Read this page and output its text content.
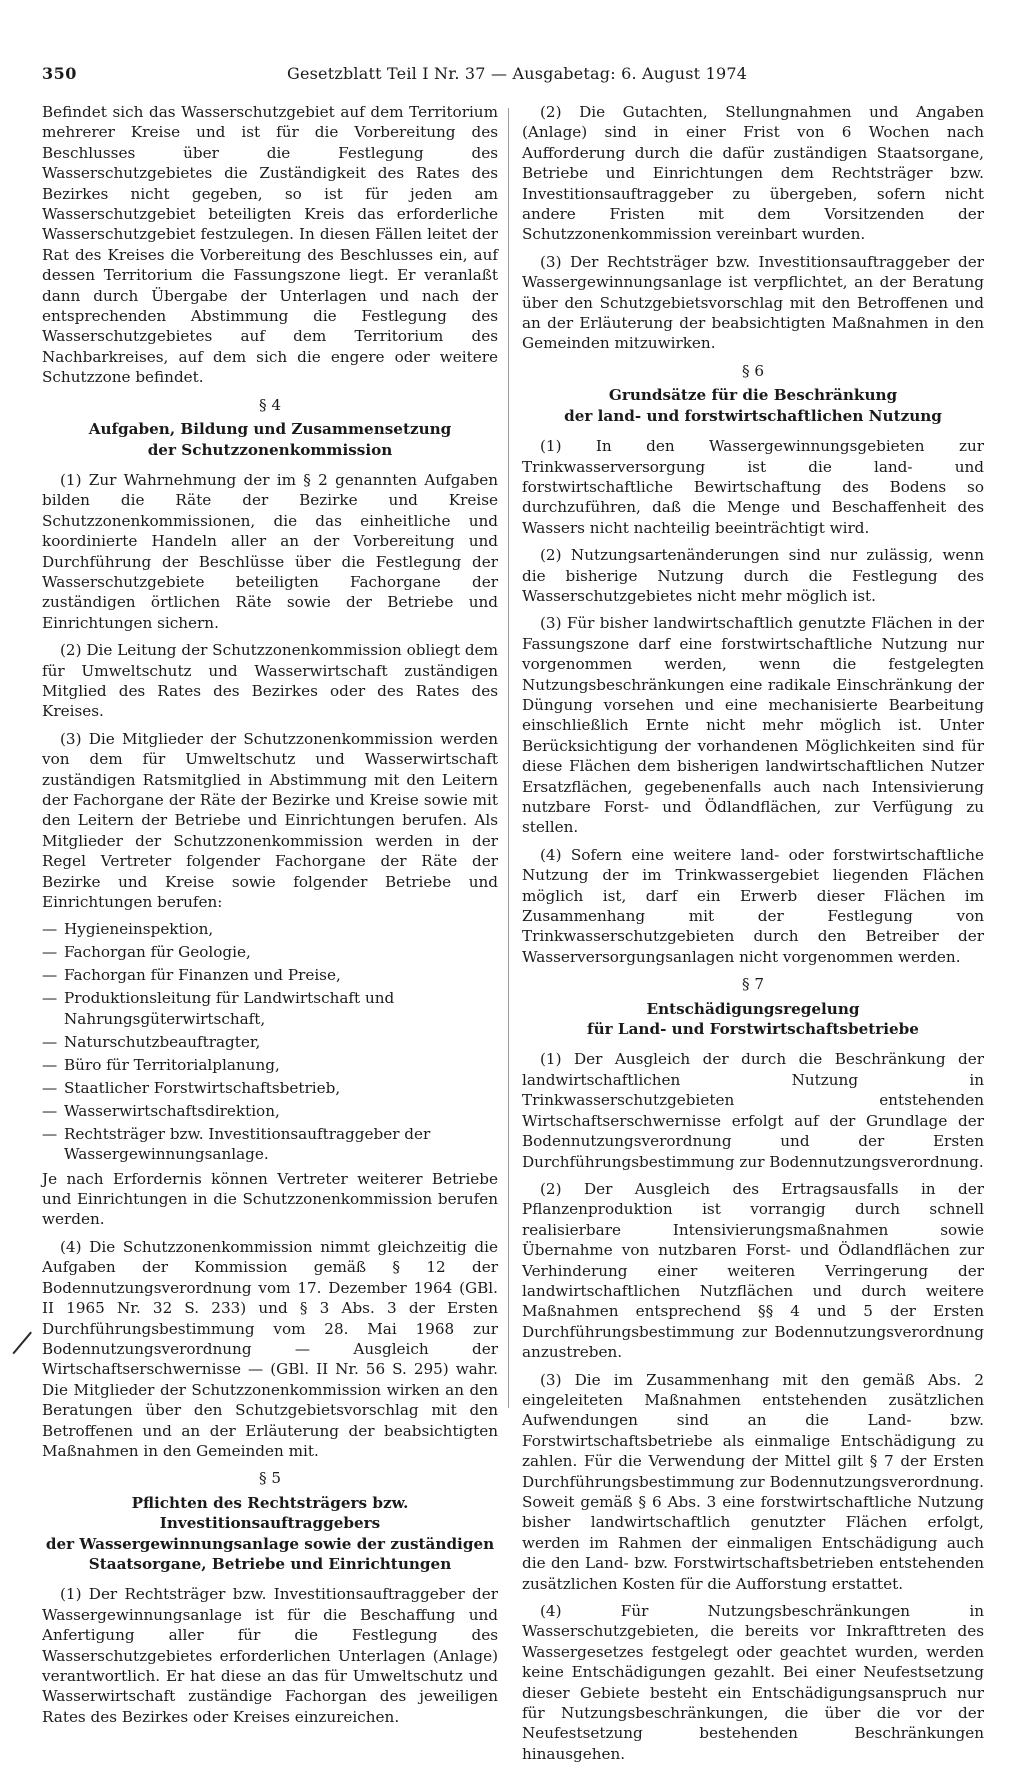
350	Gesetzblatt Teil I Nr. 37 — Ausgabetag: 6. August 1974

Befindet sich das Wasserschutzgebiet auf dem Territorium mehrerer Kreise und ist für die Vorbereitung des Beschlusses über die Festlegung des Wasserschutzgebietes die Zuständigkeit des Rates des Bezirkes nicht gegeben, so ist für jeden am Wasserschutzgebiet beteiligten Kreis das erforderliche Wasserschutzgebiet festzulegen. In diesen Fällen leitet der Rat des Kreises die Vorbereitung des Beschlusses ein, auf dessen Territorium die Fassungszone liegt. Er veranlaßt dann durch Übergabe der Unterlagen und nach der entsprechenden Abstimmung die Festlegung des Wasserschutzgebietes auf dem Territorium des Nachbarkreises, auf dem sich die engere oder weitere Schutzzone befindet.

§ 4
Aufgaben, Bildung und Zusammensetzung
der Schutzzonenkommission

(1) Zur Wahrnehmung der im § 2 genannten Aufgaben bilden die Räte der Bezirke und Kreise Schutzzonenkommissionen, die das einheitliche und koordinierte Handeln aller an der Vorbereitung und Durchführung der Beschlüsse über die Festlegung der Wasserschutzgebiete beteiligten Fachorgane der zuständigen örtlichen Räte sowie der Betriebe und Einrichtungen sichern.

(2) Die Leitung der Schutzzonenkommission obliegt dem für Umweltschutz und Wasserwirtschaft zuständigen Mitglied des Rates des Bezirkes oder des Rates des Kreises.

(3) Die Mitglieder der Schutzzonenkommission werden von dem für Umweltschutz und Wasserwirtschaft zuständigen Ratsmitglied in Abstimmung mit den Leitern der Fachorgane der Räte der Bezirke und Kreise sowie mit den Leitern der Betriebe und Einrichtungen berufen. Als Mitglieder der Schutzzonenkommission werden in der Regel Vertreter folgender Fachorgane der Räte der Bezirke und Kreise sowie folgender Betriebe und Einrichtungen berufen:

— Hygieneinspektion,
— Fachorgan für Geologie,
— Fachorgan für Finanzen und Preise,
— Produktionsleitung für Landwirtschaft und Nahrungsgüterwirtschaft,
— Naturschutzbeauftragter,
— Büro für Territorialplanung,
— Staatlicher Forstwirtschaftsbetrieb,
— Wasserwirtschaftsdirektion,
— Rechtsträger bzw. Investitionsauftraggeber der Wassergewinnungsanlage.

Je nach Erfordernis können Vertreter weiterer Betriebe und Einrichtungen in die Schutzzonenkommission berufen werden.

(4) Die Schutzzonenkommission nimmt gleichzeitig die Aufgaben der Kommission gemäß § 12 der Bodennutzungsverordnung vom 17. Dezember 1964 (GBl. II 1965 Nr. 32 S. 233) und § 3 Abs. 3 der Ersten Durchführungsbestimmung vom 28. Mai 1968 zur Bodennutzungsverordnung — Ausgleich der Wirtschaftserschwernisse — (GBl. II Nr. 56 S. 295) wahr. Die Mitglieder der Schutzzonenkommission wirken an den Beratungen über den Schutzgebietsvorschlag mit den Betroffenen und an der Erläuterung der beabsichtigten Maßnahmen in den Gemeinden mit.

§ 5
Pflichten des Rechtsträgers bzw. Investitionsauftraggebers
der Wassergewinnungsanlage sowie der zuständigen
Staatsorgane, Betriebe und Einrichtungen

(1) Der Rechtsträger bzw. Investitionsauftraggeber der Wassergewinnungsanlage ist für die Beschaffung und Anfertigung aller für die Festlegung des Wasserschutzgebietes erforderlichen Unterlagen (Anlage) verantwortlich. Er hat diese an das für Umweltschutz und Wasserwirtschaft zuständige Fachorgan des jeweiligen Rates des Bezirkes oder Kreises einzureichen.

(2) Die Gutachten, Stellungnahmen und Angaben (Anlage) sind in einer Frist von 6 Wochen nach Aufforderung durch die dafür zuständigen Staatsorgane, Betriebe und Einrichtungen dem Rechtsträger bzw. Investitionsauftraggeber zu übergeben, sofern nicht andere Fristen mit dem Vorsitzenden der Schutzzonenkommission vereinbart wurden.

(3) Der Rechtsträger bzw. Investitionsauftraggeber der Wassergewinnungsanlage ist verpflichtet, an der Beratung über den Schutzgebietsvorschlag mit den Betroffenen und an der Erläuterung der beabsichtigten Maßnahmen in den Gemeinden mitzuwirken.

§ 6
Grundsätze für die Beschränkung
der land- und forstwirtschaftlichen Nutzung

(1) In den Wassergewinnungsgebieten zur Trinkwasserversorgung ist die land- und forstwirtschaftliche Bewirtschaftung des Bodens so durchzuführen, daß die Menge und Beschaffenheit des Wassers nicht nachteilig beeinträchtigt wird.

(2) Nutzungsartenänderungen sind nur zulässig, wenn die bisherige Nutzung durch die Festlegung des Wasserschutzgebietes nicht mehr möglich ist.

(3) Für bisher landwirtschaftlich genutzte Flächen in der Fassungszone darf eine forstwirtschaftliche Nutzung nur vorgenommen werden, wenn die festgelegten Nutzungsbeschränkungen eine radikale Einschränkung der Düngung vorsehen und eine mechanisierte Bearbeitung einschließlich Ernte nicht mehr möglich ist. Unter Berücksichtigung der vorhandenen Möglichkeiten sind für diese Flächen dem bisherigen landwirtschaftlichen Nutzer Ersatzflächen, gegebenenfalls auch nach Intensivierung nutzbare Forst- und Ödlandflächen, zur Verfügung zu stellen.

(4) Sofern eine weitere land- oder forstwirtschaftliche Nutzung der im Trinkwassergebiet liegenden Flächen möglich ist, darf ein Erwerb dieser Flächen im Zusammenhang mit der Festlegung von Trinkwasserschutzgebieten durch den Betreiber der Wasserversorgungsanlagen nicht vorgenommen werden.

§ 7
Entschädigungsregelung
für Land- und Forstwirtschaftsbetriebe

(1) Der Ausgleich der durch die Beschränkung der landwirtschaftlichen Nutzung in Trinkwasserschutzgebieten entstehenden Wirtschaftserschwernisse erfolgt auf der Grundlage der Bodennutzungsverordnung und der Ersten Durchführungsbestimmung zur Bodennutzungsverordnung.

(2) Der Ausgleich des Ertragsausfalls in der Pflanzenproduktion ist vorrangig durch schnell realisierbare Intensivierungsmaßnahmen sowie Übernahme von nutzbaren Forst- und Ödlandflächen zur Verhinderung einer weiteren Verringerung der landwirtschaftlichen Nutzflächen und durch weitere Maßnahmen entsprechend §§ 4 und 5 der Ersten Durchführungsbestimmung zur Bodennutzungsverordnung anzustreben.

(3) Die im Zusammenhang mit den gemäß Abs. 2 eingeleiteten Maßnahmen entstehenden zusätzlichen Aufwendungen sind an die Land- bzw. Forstwirtschaftsbetriebe als einmalige Entschädigung zu zahlen. Für die Verwendung der Mittel gilt § 7 der Ersten Durchführungsbestimmung zur Bodennutzungsverordnung. Soweit gemäß § 6 Abs. 3 eine forstwirtschaftliche Nutzung bisher landwirtschaftlich genutzter Flächen erfolgt, werden im Rahmen der einmaligen Entschädigung auch die den Land- bzw. Forstwirtschaftsbetrieben entstehenden zusätzlichen Kosten für die Aufforstung erstattet.

(4) Für Nutzungsbeschränkungen in Wasserschutzgebieten, die bereits vor Inkrafttreten des Wassergesetzes festgelegt oder geachtet wurden, werden keine Entschädigungen gezahlt. Bei einer Neufestsetzung dieser Gebiete besteht ein Entschädigungsanspruch nur für Nutzungsbeschränkungen, die über die vor der Neufestsetzung bestehenden Beschränkungen hinausgehen.
